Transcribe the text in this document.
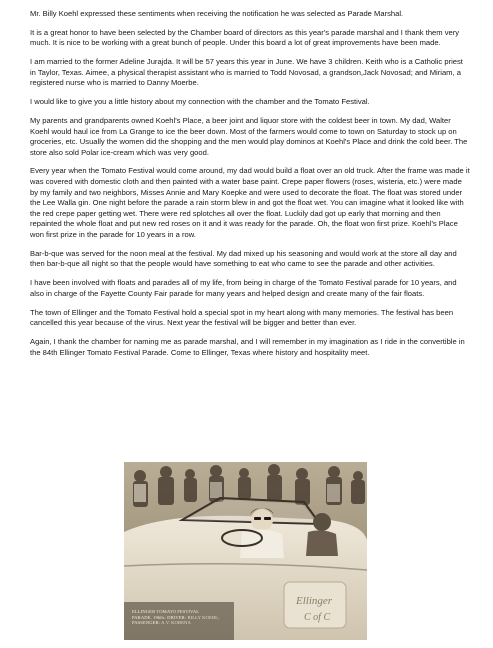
Mr. Billy Koehl expressed these sentiments when receiving the notification he was selected as Parade Marshal.

It is a great honor to have been selected by the Chamber board of directors as this year's parade marshal and I thank them very much. It is nice to be working with a great bunch of people. Under this board a lot of great improvements have been made.

I am married to the former Adeline Jurajda. It will be 57 years this year in June. We have 3 children. Keith who is a Catholic priest in Taylor, Texas. Aimee, a physical therapist assistant who is married to Todd Novosad, a grandson,Jack Novosad; and Miriam, a registered nurse who is married to Danny Moerbe.

I would like to give you a little history about my connection with the chamber and the Tomato Festival.

My parents and grandparents owned Koehl's Place, a beer joint and liquor store with the coldest beer in town. My dad, Walter Koehl would haul ice from La Grange to ice the beer down. Most of the farmers would come to town on Saturday to stock up on groceries, etc. Usually the women did the shopping and the men would play dominos at Koehl's Place and drink the cold beer. The store also sold Polar ice-cream which was very good.

Every year when the Tomato Festival would come around, my dad would build a float over an old truck. After the frame was made it was covered with domestic cloth and then painted with a water base paint. Crepe paper flowers (roses, wisteria, etc.) were made by my family and two neighbors, Misses Annie and Mary Koepke and were used to decorate the float. The float was stored under the Lee Walla gin. One night before the parade a rain storm blew in and got the float wet. You can imagine what it looked like with the red crepe paper getting wet. There were red splotches all over the float. Luckily dad got up early that morning and then repainted the whole float and put new red roses on it and it was ready for the parade. Oh, the float won first prize. Koehl's Place won first prize in the parade for 10 years in a row.

Bar-b-que was served for the noon meal at the festival. My dad mixed up his seasoning and would work at the store all day and then bar-b-que all night so that the people would have something to eat who came to see the parade and other activities.

I have been involved with floats and parades all of my life, from being in charge of the Tomato Festival parade for 10 years, and also in charge of the Fayette County Fair parade for many years and helped design and create many of the fair floats.

The town of Ellinger and the Tomato Festival hold a special spot in my heart along with many memories. The festival has been cancelled this year because of the virus. Next year the festival will be bigger and better than ever.

Again, I thank the chamber for naming me as parade marshal, and I will remember in my imagination as I ride in the convertible in the 84th Ellinger Tomato Festival Parade. Come to Ellinger, Texas where history and hospitality meet.

Ellinger
C of C
ELLINGER TOMATO FESTIVAL
PARADE, 1960s: DRIVER: BILLY KOEHL;
PASSENGER: A.V. KORENA
